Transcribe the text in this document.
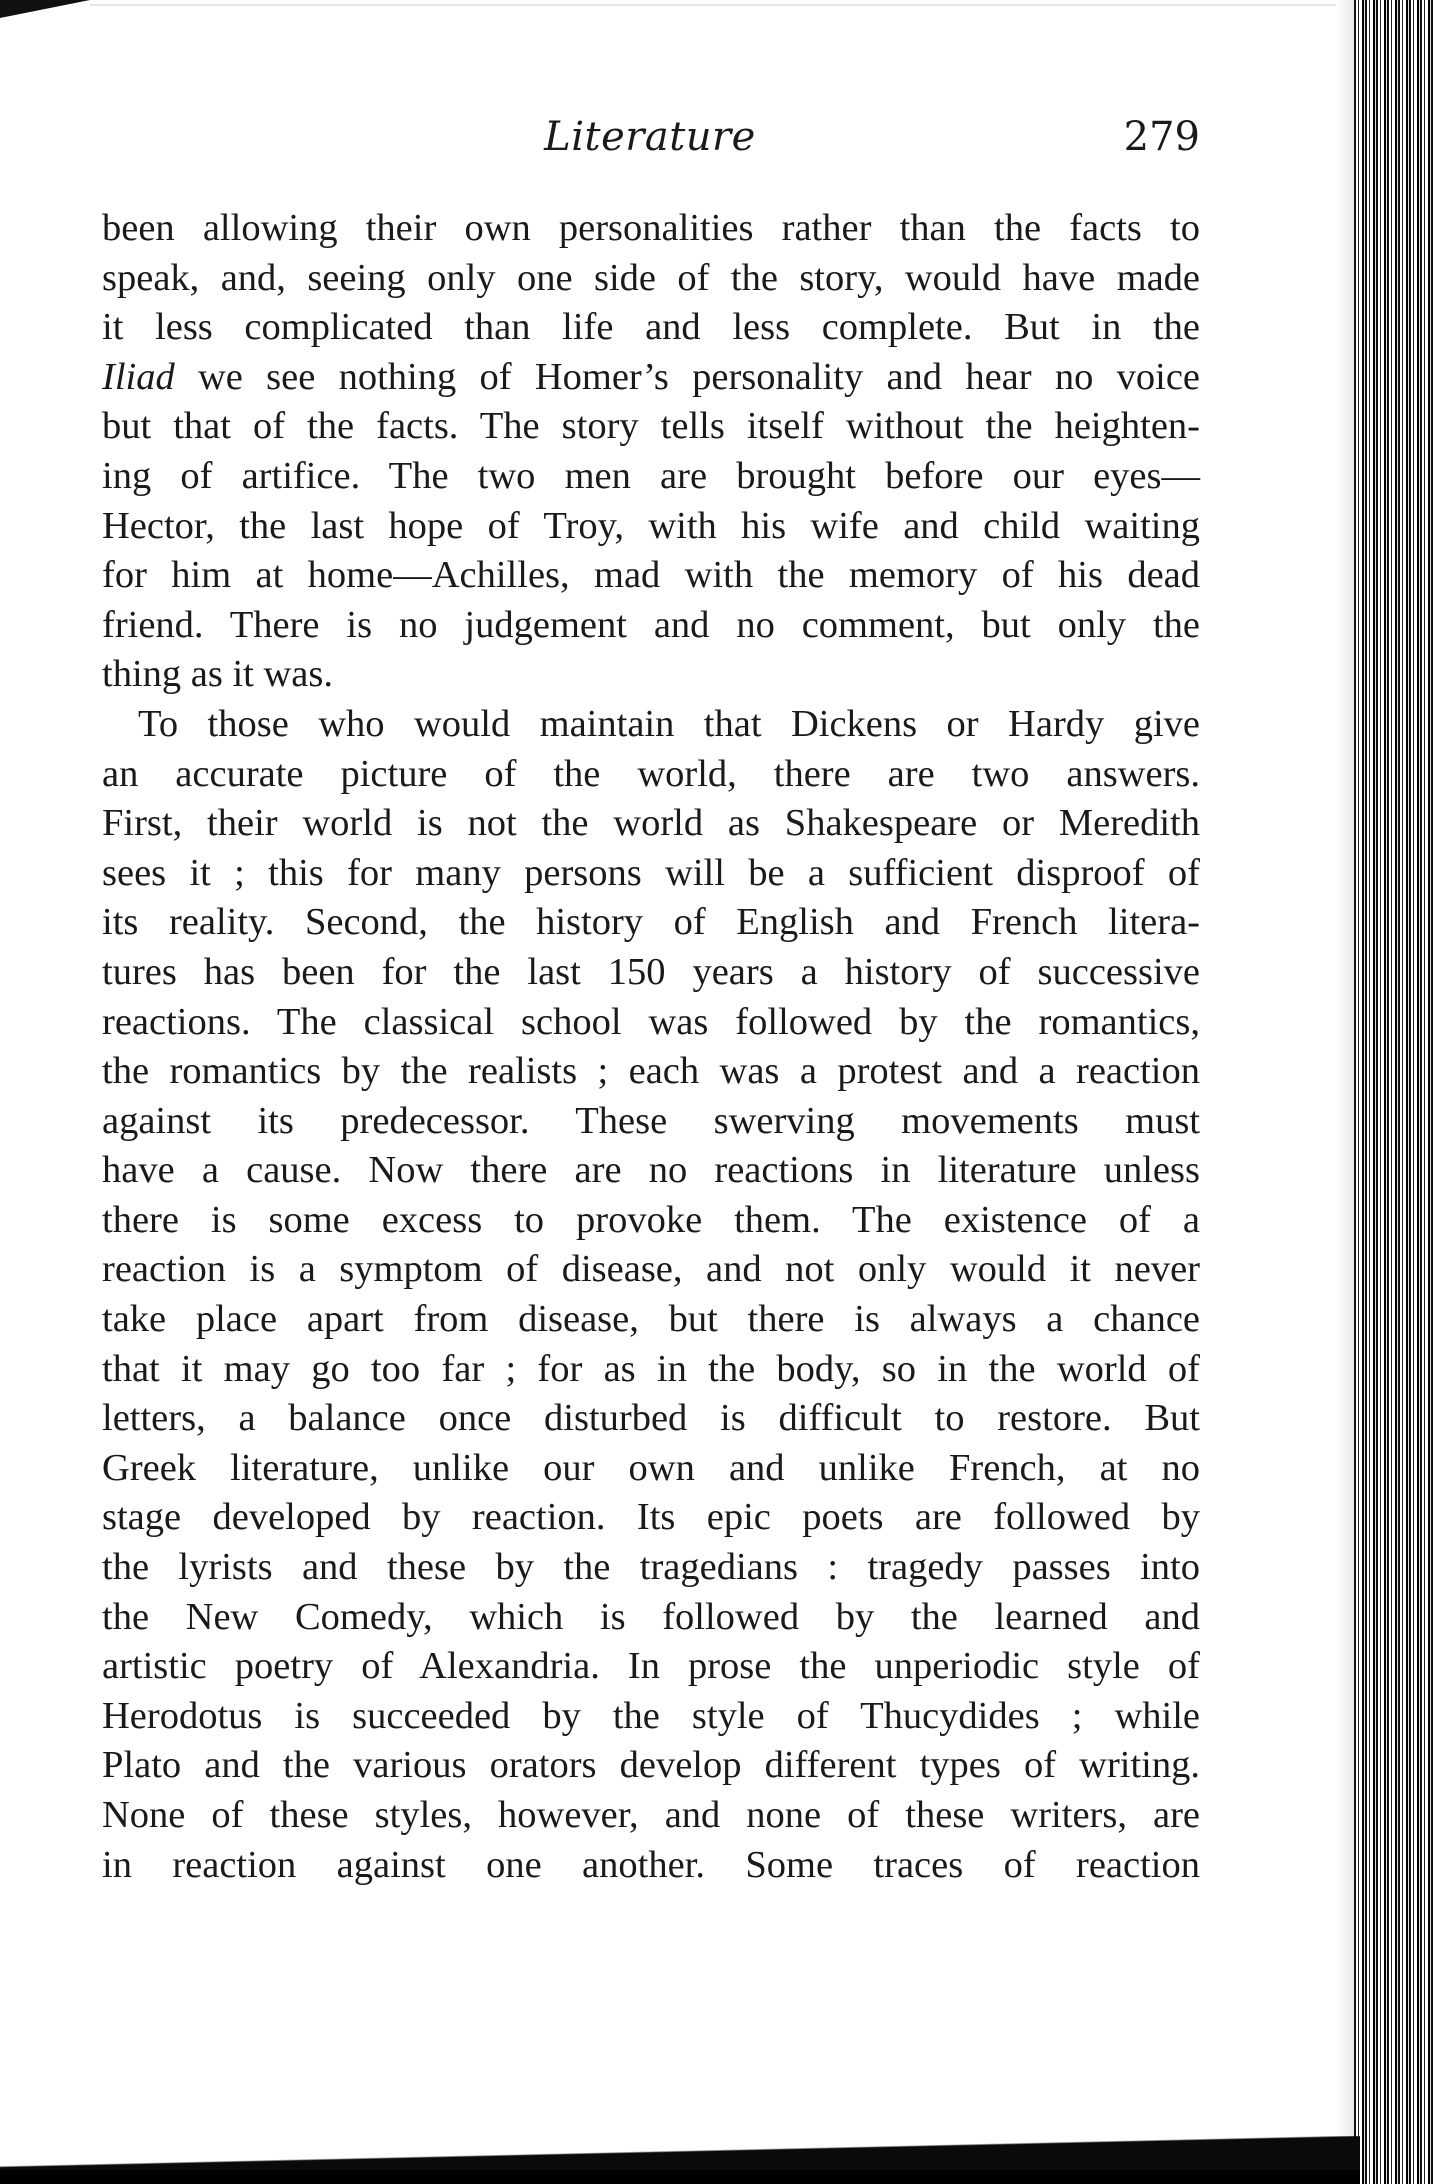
Literature	279
been allowing their own personalities rather than the facts to
speak, and, seeing only one side of the story, would have made
it less complicated than life and less complete. But in the
Iliad we see nothing of Homer’s personality and hear no voice
but that of the facts. The story tells itself without the heighten-
ing of artifice. The two men are brought before our eyes—
Hector, the last hope of Troy, with his wife and child waiting
for him at home—Achilles, mad with the memory of his dead
friend. There is no judgement and no comment, but only the
thing as it was.
To those who would maintain that Dickens or Hardy give
an accurate picture of the world, there are two answers.
First, their world is not the world as Shakespeare or Meredith
sees it ; this for many persons will be a sufficient disproof of
its reality. Second, the history of English and French litera-
tures has been for the last 150 years a history of successive
reactions. The classical school was followed by the romantics,
the romantics by the realists ; each was a protest and a reaction
against its predecessor. These swerving movements must
have a cause. Now there are no reactions in literature unless
there is some excess to provoke them. The existence of a
reaction is a symptom of disease, and not only would it never
take place apart from disease, but there is always a chance
that it may go too far ; for as in the body, so in the world of
letters, a balance once disturbed is difficult to restore. But
Greek literature, unlike our own and unlike French, at no
stage developed by reaction. Its epic poets are followed by
the lyrists and these by the tragedians : tragedy passes into
the New Comedy, which is followed by the learned and
artistic poetry of Alexandria. In prose the unperiodic style of
Herodotus is succeeded by the style of Thucydides ; while
Plato and the various orators develop different types of writing.
None of these styles, however, and none of these writers, are
in reaction against one another. Some traces of reaction
